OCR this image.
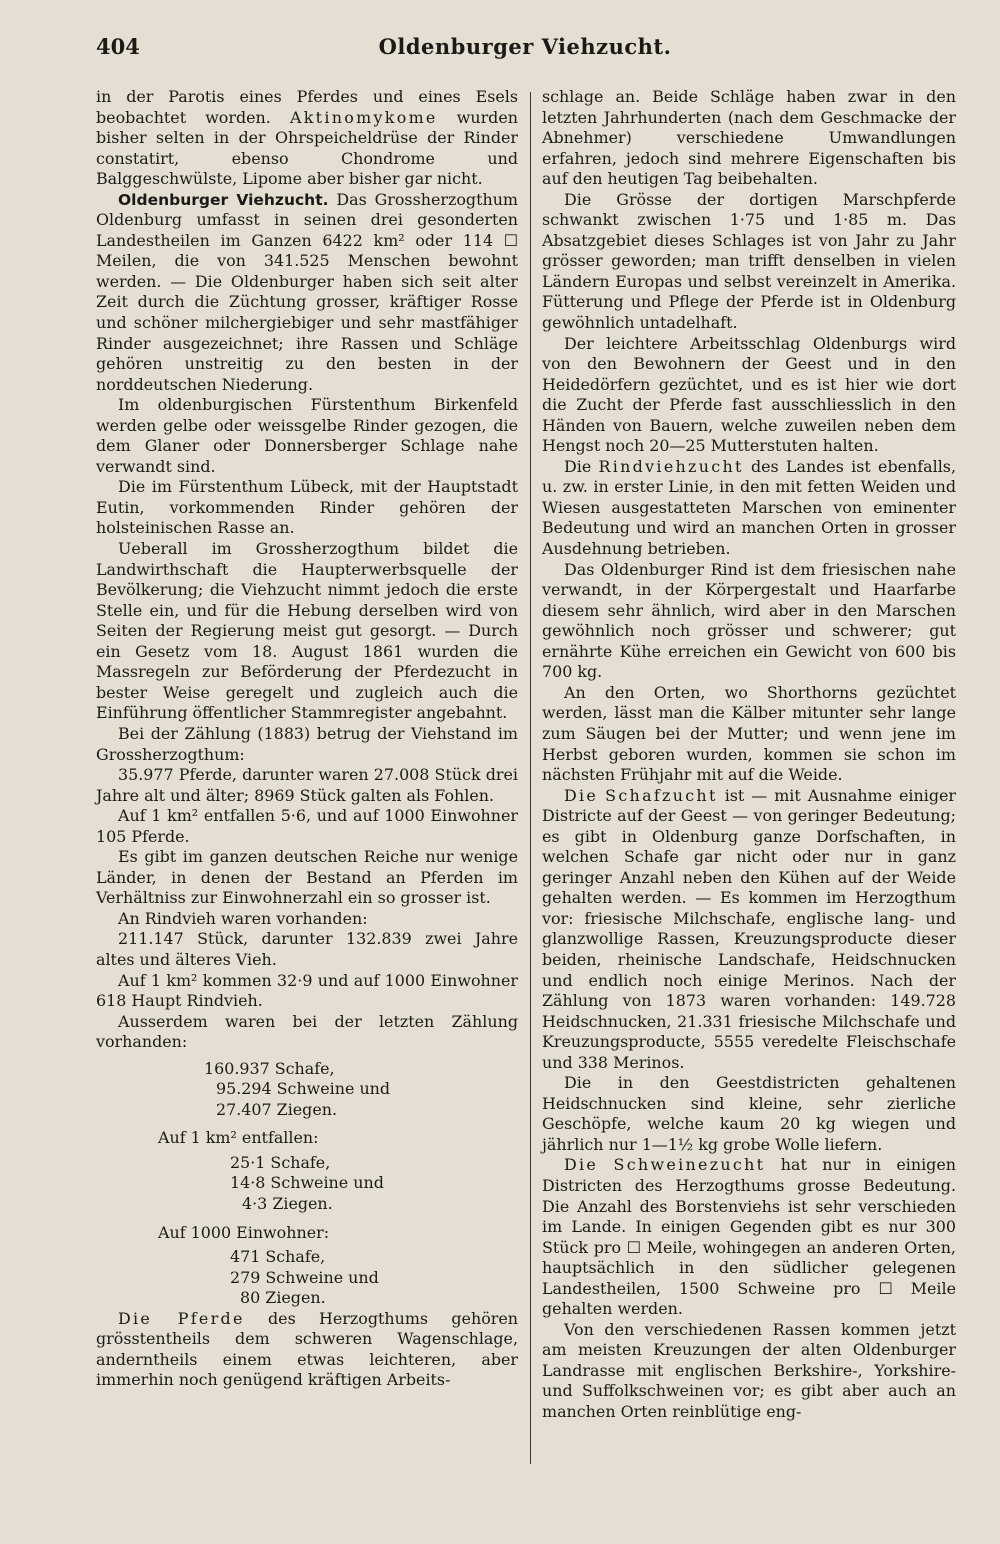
404	Oldenburger Viehzucht.

in der Parotis eines Pferdes und eines Esels beobachtet worden. Aktinomykome wurden bisher selten in der Ohrspeicheldrüse der Rinder constatirt, ebenso Chondrome und Balggeschwülste, Lipome aber bisher gar nicht.

Oldenburger Viehzucht. Das Grossherzogthum Oldenburg umfasst in seinen drei gesonderten Landestheilen im Ganzen 6422 km² oder 114 ☐ Meilen, die von 341.525 Menschen bewohnt werden. — Die Oldenburger haben sich seit alter Zeit durch die Züchtung grosser, kräftiger Rosse und schöner milchergiebiger und sehr mastfähiger Rinder ausgezeichnet; ihre Rassen und Schläge gehören unstreitig zu den besten in der norddeutschen Niederung.

Im oldenburgischen Fürstenthum Birkenfeld werden gelbe oder weissgelbe Rinder gezogen, die dem Glaner oder Donnersberger Schlage nahe verwandt sind.

Die im Fürstenthum Lübeck, mit der Hauptstadt Eutin, vorkommenden Rinder gehören der holsteinischen Rasse an.

Ueberall im Grossherzogthum bildet die Landwirthschaft die Haupterwerbsquelle der Bevölkerung; die Viehzucht nimmt jedoch die erste Stelle ein, und für die Hebung derselben wird von Seiten der Regierung meist gut gesorgt. — Durch ein Gesetz vom 18. August 1861 wurden die Massregeln zur Beförderung der Pferdezucht in bester Weise geregelt und zugleich auch die Einführung öffentlicher Stammregister angebahnt.

Bei der Zählung (1883) betrug der Viehstand im Grossherzogthum:

35.977 Pferde, darunter waren 27.008 Stück drei Jahre alt und älter; 8969 Stück galten als Fohlen.

Auf 1 km² entfallen 5·6, und auf 1000 Einwohner 105 Pferde.

Es gibt im ganzen deutschen Reiche nur wenige Länder, in denen der Bestand an Pferden im Verhältniss zur Einwohnerzahl ein so grosser ist.

An Rindvieh waren vorhanden:

211.147 Stück, darunter 132.839 zwei Jahre altes und älteres Vieh.

Auf 1 km² kommen 32·9 und auf 1000 Einwohner 618 Haupt Rindvieh.

Ausserdem waren bei der letzten Zählung vorhanden:

160.937 Schafe,

95.294 Schweine und

27.407 Ziegen.

Auf 1 km² entfallen:

25·1 Schafe,

14·8 Schweine und

4·3 Ziegen.

Auf 1000 Einwohner:

471 Schafe,

279 Schweine und

80 Ziegen.

Die Pferde des Herzogthums gehören grösstentheils dem schweren Wagenschlage, anderntheils einem etwas leichteren, aber immerhin noch genügend kräftigen Arbeits-

schlage an. Beide Schläge haben zwar in den letzten Jahrhunderten (nach dem Geschmacke der Abnehmer) verschiedene Umwandlungen erfahren, jedoch sind mehrere Eigenschaften bis auf den heutigen Tag beibehalten.

Die Grösse der dortigen Marschpferde schwankt zwischen 1·75 und 1·85 m. Das Absatzgebiet dieses Schlages ist von Jahr zu Jahr grösser geworden; man trifft denselben in vielen Ländern Europas und selbst vereinzelt in Amerika. Fütterung und Pflege der Pferde ist in Oldenburg gewöhnlich untadelhaft.

Der leichtere Arbeitsschlag Oldenburgs wird von den Bewohnern der Geest und in den Heidedörfern gezüchtet, und es ist hier wie dort die Zucht der Pferde fast ausschliesslich in den Händen von Bauern, welche zuweilen neben dem Hengst noch 20—25 Mutterstuten halten.

Die Rindviehzucht des Landes ist ebenfalls, u. zw. in erster Linie, in den mit fetten Weiden und Wiesen ausgestatteten Marschen von eminenter Bedeutung und wird an manchen Orten in grosser Ausdehnung betrieben.

Das Oldenburger Rind ist dem friesischen nahe verwandt, in der Körpergestalt und Haarfarbe diesem sehr ähnlich, wird aber in den Marschen gewöhnlich noch grösser und schwerer; gut ernährte Kühe erreichen ein Gewicht von 600 bis 700 kg.

An den Orten, wo Shorthorns gezüchtet werden, lässt man die Kälber mitunter sehr lange zum Säugen bei der Mutter; und wenn jene im Herbst geboren wurden, kommen sie schon im nächsten Frühjahr mit auf die Weide.

Die Schafzucht ist — mit Ausnahme einiger Districte auf der Geest — von geringer Bedeutung; es gibt in Oldenburg ganze Dorfschaften, in welchen Schafe gar nicht oder nur in ganz geringer Anzahl neben den Kühen auf der Weide gehalten werden. — Es kommen im Herzogthum vor: friesische Milchschafe, englische lang- und glanzwollige Rassen, Kreuzungsproducte dieser beiden, rheinische Landschafe, Heidschnucken und endlich noch einige Merinos. Nach der Zählung von 1873 waren vorhanden: 149.728 Heidschnucken, 21.331 friesische Milchschafe und Kreuzungsproducte, 5555 veredelte Fleischschafe und 338 Merinos.

Die in den Geestdistricten gehaltenen Heidschnucken sind kleine, sehr zierliche Geschöpfe, welche kaum 20 kg wiegen und jährlich nur 1—1½ kg grobe Wolle liefern.

Die Schweinezucht hat nur in einigen Districten des Herzogthums grosse Bedeutung. Die Anzahl des Borstenviehs ist sehr verschieden im Lande. In einigen Gegenden gibt es nur 300 Stück pro ☐ Meile, wohingegen an anderen Orten, hauptsächlich in den südlicher gelegenen Landestheilen, 1500 Schweine pro ☐ Meile gehalten werden.

Von den verschiedenen Rassen kommen jetzt am meisten Kreuzungen der alten Oldenburger Landrasse mit englischen Berkshire-, Yorkshire- und Suffolkschweinen vor; es gibt aber auch an manchen Orten reinblütige eng-
